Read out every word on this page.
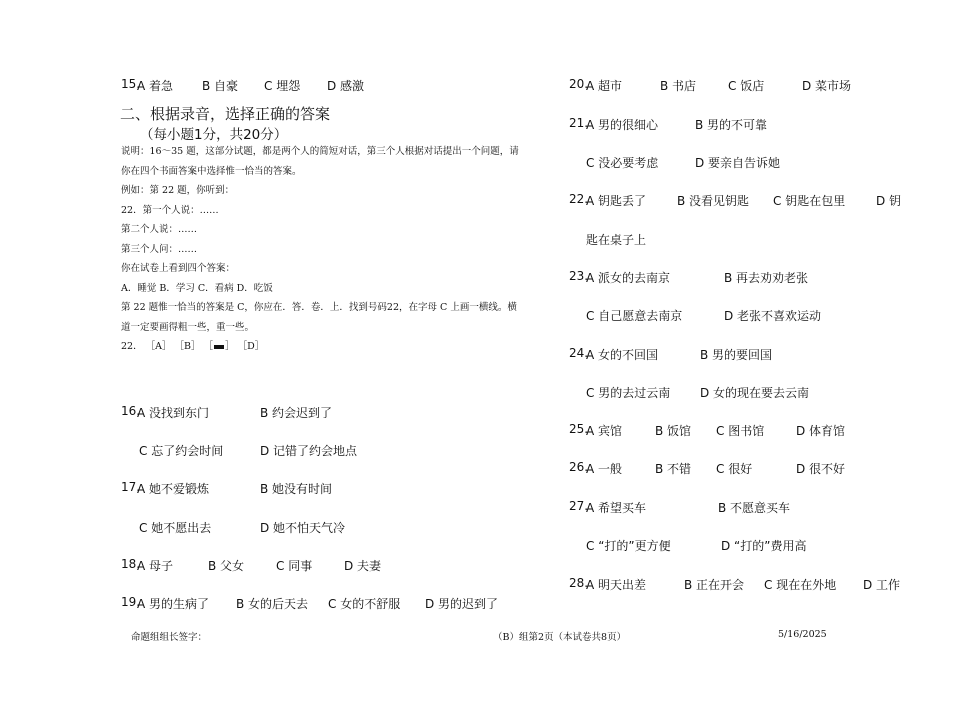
15.
A 着急 B 自豪 C 埋怨 D 感激
二、根据录音，选择正确的答案
（每小题1分，共20分）
说明：16～35 题，这部分试题，都是两个人的简短对话，第三个人根据对话提出一个问题，请
你在四个书面答案中选择惟一恰当的答案。
例如：第 22 题，你听到：
22．第一个人说：……
第二个人说：……
第三个人问：……
你在试卷上看到四个答案：
A．睡觉 B．学习 C．看病 D．吃饭
第 22 题惟一恰当的答案是 C，你应在．答．卷．上．找到号码22，在字母 C 上画一横线。横
道一定要画得粗一些，重一些。
22． ［A］ ［B］ ［ ］ ［D］
16.
A 没找到东门	B 约会迟到了
C 忘了约会时间	D 记错了约会地点
17.
A 她不爱锻炼	B 她没有时间
C 她不愿出去	D 她不怕天气冷
18.
A 母子	B 父女	C 同事	D 夫妻
19.
A 男的生病了 B 女的后天去 C 女的不舒服 D 男的迟到了
20.
A 超市	B 书店	C 饭店	D 菜市场
21.
A 男的很细心	B 男的不可靠
C 没必要考虑	D 要亲自告诉她
22.
A 钥匙丢了	B 没看见钥匙 C 钥匙在包里	D 钥
匙在桌子上
23.
A 派女的去南京	B 再去劝劝老张
C 自己愿意去南京	D 老张不喜欢运动
24.
A 女的不回国	B 男的要回国
C 男的去过云南 D 女的现在要去云南
25.
A 宾馆	B 饭馆 C 图书馆	D 体育馆
26.
A 一般	B 不错 C 很好	D 很不好
27.
A 希望买车	B 不愿意买车
C “打的”更方便	D “打的”费用高
28.
A 明天出差	B 正在开会 C 现在在外地 D 工作
命题组组长签字：	（B）组第2页（本试卷共8页）	5/16/2025
